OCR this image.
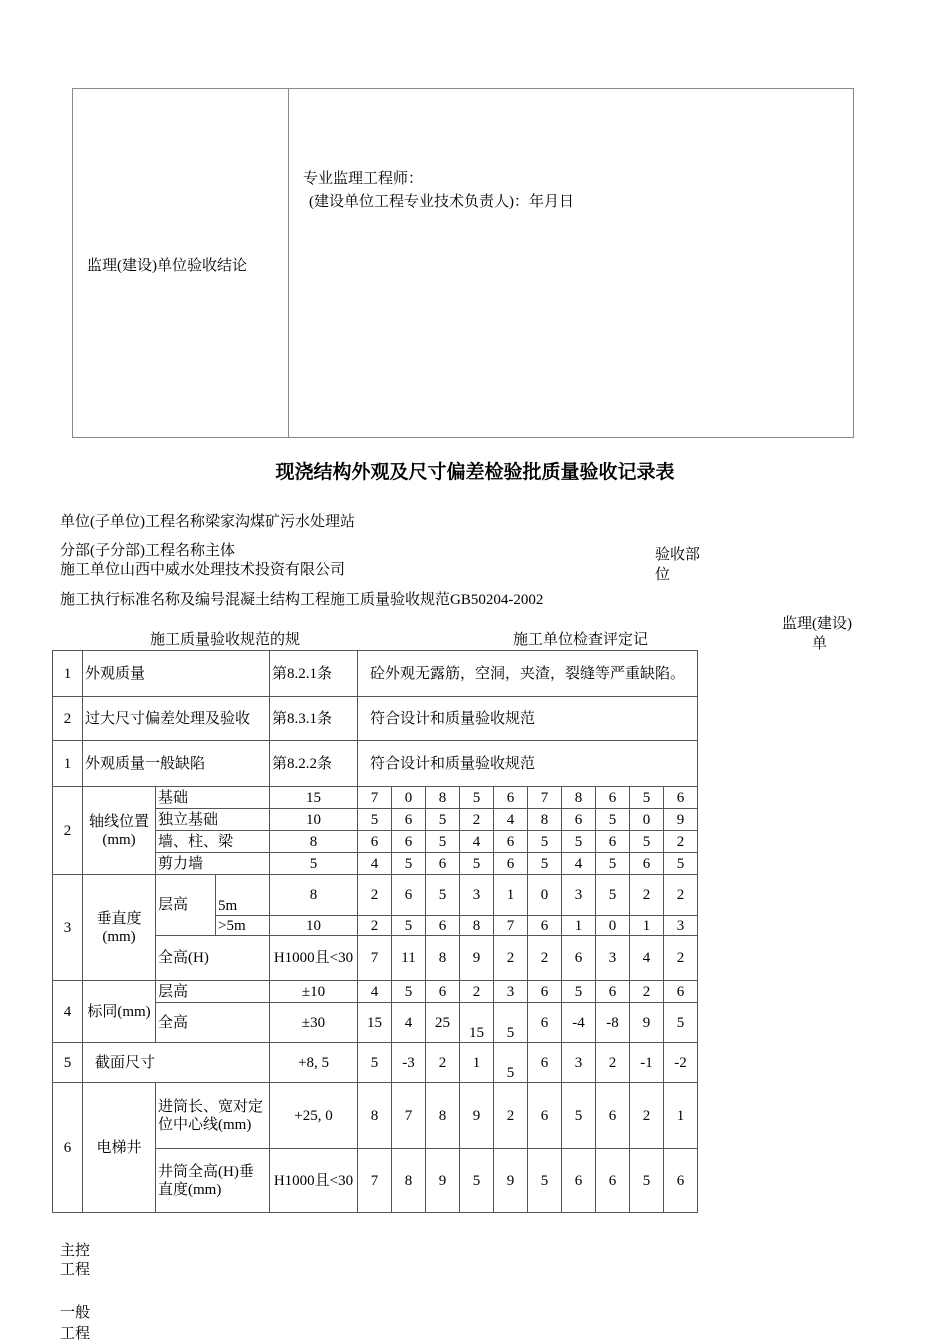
监理(建设)单位验收结论
专业监理工程师：
(建设单位工程专业技术负责人)：年月日
现浇结构外观及尺寸偏差检验批质量验收记录表
单位(子单位)工程名称梁家沟煤矿污水处理站
分部(子分部)工程名称主体
施工单位山西中威水处理技术投资有限公司
验收部
位
施工执行标准名称及编号混凝土结构工程施工质量验收规范GB50204-2002
监理(建设)
单
施工质量验收规范的规	施工单位检查评定记
1	外观质量			第8.2.1条	砼外观无露筋，空洞，夹渣，裂缝等严重缺陷。									
2	过大尺寸偏差处理及验收			第8.3.1条	符合设计和质量验收规范									
1	外观质量一般缺陷			第8.2.2条	符合设计和质量验收规范									
2	轴线位置(mm)	基础		15	7	0	8	5	6	7	8	6	5	6
		独立基础		10	5	6	5	2	4	8	6	5	0	9
		墙、柱、梁		8	6	6	5	4	6	5	5	6	5	2
		剪力墙		5	4	5	6	5	6	5	4	5	6	5
3	垂直度(mm)	层高	5m	8	2	6	5	3	1	0	3	5	2	2
			>5m	10	2	5	6	8	7	6	1	0	1	3
		全高(H)		H1000且<30	7	11	8	9	2	2	6	3	4	2
4	标同(mm)	层高		±10	4	5	6	2	3	6	5	6	2	6
		全高		±30	15	4	25	15	5	6	-4	-8	9	5
5	截面尺寸			+8, 5	5	-3	2	1	5	6	3	2	-1	-2
6	电梯井	进筒长、宽对定位中心线(mm)		+25, 0	8	7	8	9	2	6	5	6	2	1
		井筒全高(H)垂直度(mm)		H1000且<30	7	8	9	5	9	5	6	6	5	6
主控
工程
一般
工程
